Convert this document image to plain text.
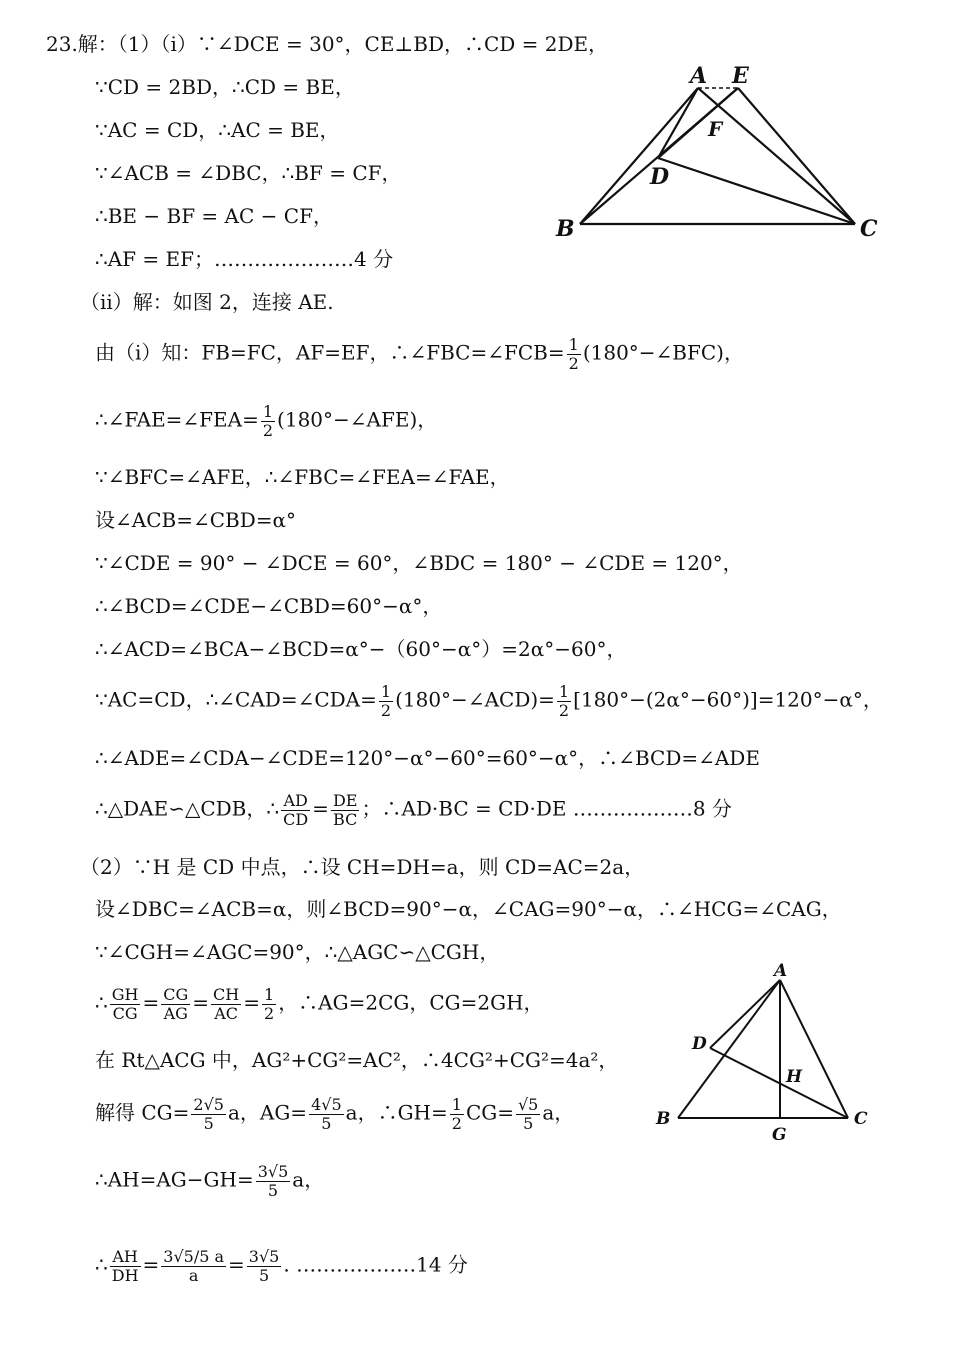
23.解：（1）（i）∵∠DCE = 30°，CE⊥BD，∴CD = 2DE，
∵CD = 2BD，∴CD = BE，
∵AC = CD，∴AC = BE，
∵∠ACB = ∠DBC，∴BF = CF，
∴BE − BF = AC − CF，
∴AF = EF；…………………4 分
（ii）解：如图 2，连接 AE.
由（i）知：FB=FC，AF=EF，∴∠FBC=∠FCB= $\frac{1}{2}$ (180°−∠BFC)，
∴∠FAE=∠FEA= $\frac{1}{2}$ (180°−∠AFE)，
∵∠BFC=∠AFE，∴∠FBC=∠FEA=∠FAE，
设∠ACB=∠CBD=α°
∵∠CDE = 90° − ∠DCE = 60°，∠BDC = 180° − ∠CDE = 120°，
∴∠BCD=∠CDE−∠CBD=60°−α°，
∴∠ACD=∠BCA−∠BCD=α°−（60°−α°）=2α°−60°，
∵AC=CD，∴∠CAD=∠CDA= $\frac{1}{2}$ (180°−∠ACD)= $\frac{1}{2} [180^\circ-(2\alpha^\circ-60^\circ)]=120^\circ-\alpha^\circ$，
∴∠ADE=∠CDA−∠CDE=120°−α°−60°=60°−α°，∴∠BCD=∠ADE
∴△DAE∽△CDB，∴ $\frac{AD}{CD} = \frac{DE}{BC}$ ；∴AD·BC = CD·DE ………………8 分
（2）∵H 是 CD 中点，∴设 CH=DH=a，则 CD=AC=2a，
设∠DBC=∠ACB=α，则∠BCD=90°−α，∠CAG=90°−α，∴∠HCG=∠CAG，
∵∠CGH=∠AGC=90°，∴△AGC∽△CGH，
∴ $\frac{GH}{CG} = \frac{CG}{AG} = \frac{CH}{AC} = \frac{1}{2}$ ，∴AG=2CG，CG=2GH，
在 Rt△ACG 中，AG²+CG²=AC²，∴4CG²+CG²=4a²，
解得 $CG= \frac{2√5}{5}$ a，$AG= \frac{4√5}{5}$ a，∴GH= $\frac{1}{2} CG= \frac{√5}{5}$ a，
∴AH=AG−GH= $\frac{3√5}{5}$ a，
∴ $\frac{AH}{DH} = \frac{3√5/5 a}{a} = \frac{3√5}{5}$ . ………………14 分
A E
F
D
B	C
A
D
H
B
G
C
